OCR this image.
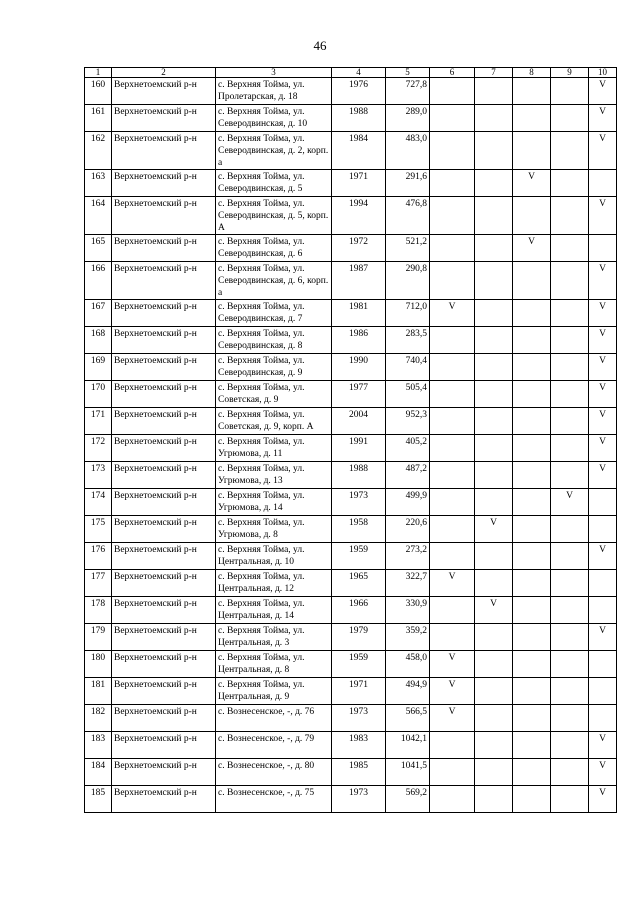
46
1	2	3	4	5	6	7	8	9	10
160	Верхнетоемский р-н	с. Верхняя Тойма, ул. Пролетарская, д. 18	1976	727,8					V
161	Верхнетоемский р-н	с. Верхняя Тойма, ул. Северодвинская, д. 10	1988	289,0					V
162	Верхнетоемский р-н	с. Верхняя Тойма, ул. Северодвинская, д. 2, корп. а	1984	483,0					V
163	Верхнетоемский р-н	с. Верхняя Тойма, ул. Северодвинская, д. 5	1971	291,6			V		
164	Верхнетоемский р-н	с. Верхняя Тойма, ул. Северодвинская, д. 5, корп. А	1994	476,8					V
165	Верхнетоемский р-н	с. Верхняя Тойма, ул. Северодвинская, д. 6	1972	521,2			V		
166	Верхнетоемский р-н	с. Верхняя Тойма, ул. Северодвинская, д. 6, корп. а	1987	290,8					V
167	Верхнетоемский р-н	с. Верхняя Тойма, ул. Северодвинская, д. 7	1981	712,0	V				V
168	Верхнетоемский р-н	с. Верхняя Тойма, ул. Северодвинская, д. 8	1986	283,5					V
169	Верхнетоемский р-н	с. Верхняя Тойма, ул. Северодвинская, д. 9	1990	740,4					V
170	Верхнетоемский р-н	с. Верхняя Тойма, ул. Советская, д. 9	1977	505,4					V
171	Верхнетоемский р-н	с. Верхняя Тойма, ул. Советская, д. 9, корп. А	2004	952,3					V
172	Верхнетоемский р-н	с. Верхняя Тойма, ул. Угрюмова, д. 11	1991	405,2					V
173	Верхнетоемский р-н	с. Верхняя Тойма, ул. Угрюмова, д. 13	1988	487,2					V
174	Верхнетоемский р-н	с. Верхняя Тойма, ул. Угрюмова, д. 14	1973	499,9				V	
175	Верхнетоемский р-н	с. Верхняя Тойма, ул. Угрюмова, д. 8	1958	220,6		V			
176	Верхнетоемский р-н	с. Верхняя Тойма, ул. Центральная, д. 10	1959	273,2					V
177	Верхнетоемский р-н	с. Верхняя Тойма, ул. Центральная, д. 12	1965	322,7	V				
178	Верхнетоемский р-н	с. Верхняя Тойма, ул. Центральная, д. 14	1966	330,9		V			
179	Верхнетоемский р-н	с. Верхняя Тойма, ул. Центральная, д. 3	1979	359,2					V
180	Верхнетоемский р-н	с. Верхняя Тойма, ул. Центральная, д. 8	1959	458,0	V				
181	Верхнетоемский р-н	с. Верхняя Тойма, ул. Центральная, д. 9	1971	494,9	V				
182	Верхнетоемский р-н	с. Вознесенское, -, д. 76	1973	566,5	V				
183	Верхнетоемский р-н	с. Вознесенское, -, д. 79	1983	1042,1					V
184	Верхнетоемский р-н	с. Вознесенское, -, д. 80	1985	1041,5					V
185	Верхнетоемский р-н	с. Вознесенское, -, д. 75	1973	569,2					V
